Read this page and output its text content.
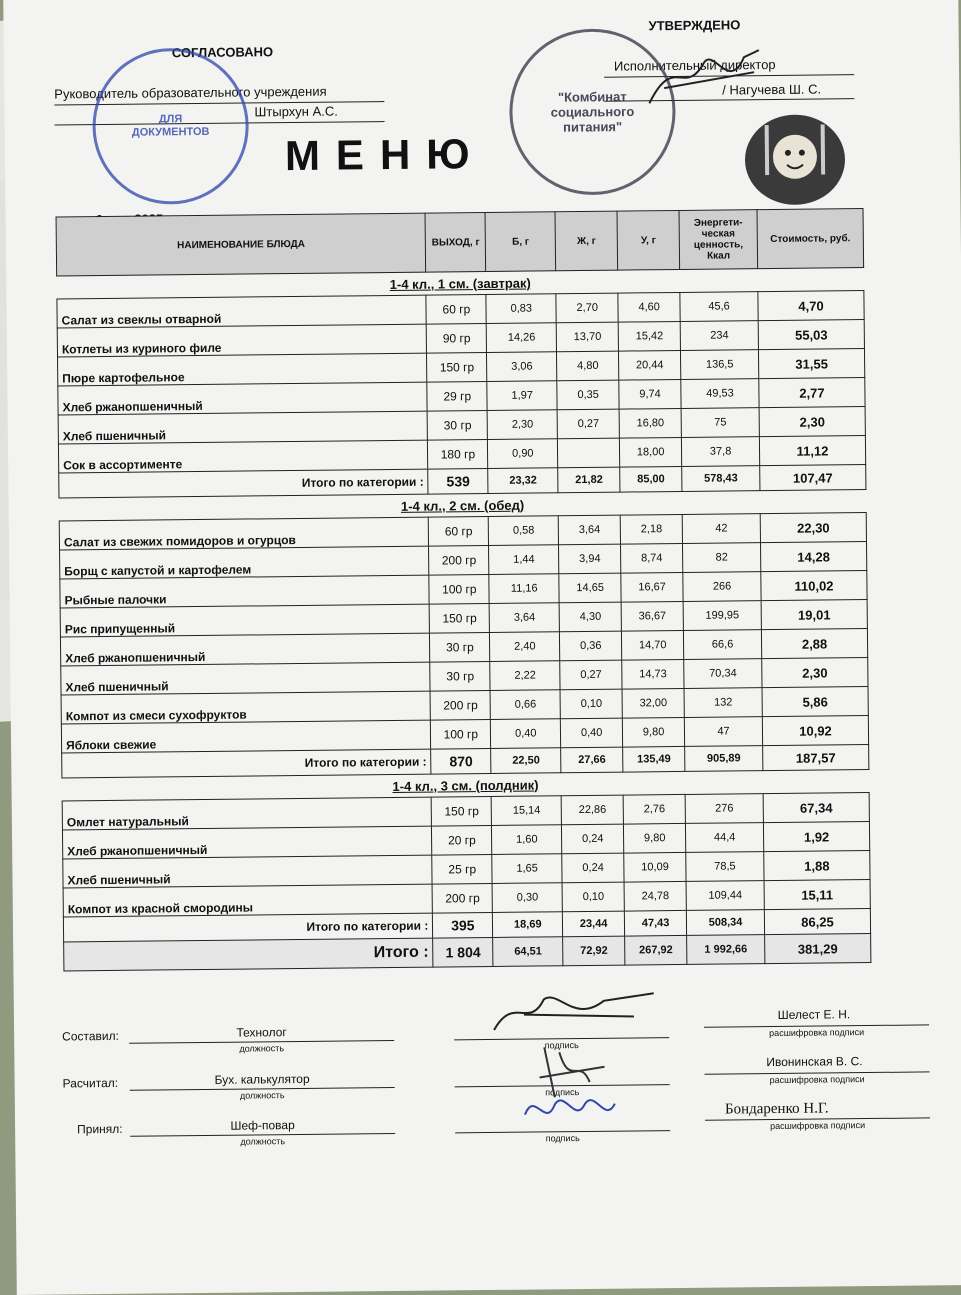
СОГЛАСОВАНО
Руководитель образовательного учреждения
Штырхун А.С.
ДЛЯ ДОКУМЕНТОВ
УТВЕРЖДЕНО
Исполнительный директор
/ Нагучева Ш. С.
"Комбинат социального питания"
МЕНЮ
НАИМЕНОВАНИЕ БЛЮДА	ВЫХОД, г	Б, г	Ж, г	У, г	Энергети-ческая ценность, Ккал	Стоимость, руб.
1-4 кл., 1 см. (завтрак)						
Салат из свеклы отварной	60 гр	0,83	2,70	4,60	45,6	4,70
Котлеты из куриного филе	90 гр	14,26	13,70	15,42	234	55,03
Пюре картофельное	150 гр	3,06	4,80	20,44	136,5	31,55
Хлеб ржанопшеничный	29 гр	1,97	0,35	9,74	49,53	2,77
Хлеб пшеничный	30 гр	2,30	0,27	16,80	75	2,30
Сок в ассортименте	180 гр	0,90		18,00	37,8	11,12
Итого по категории :	539	23,32	21,82	85,00	578,43	107,47
1-4 кл., 2 см. (обед)						
Салат из свежих помидоров и огурцов	60 гр	0,58	3,64	2,18	42	22,30
Борщ с капустой и картофелем	200 гр	1,44	3,94	8,74	82	14,28
Рыбные палочки	100 гр	11,16	14,65	16,67	266	110,02
Рис припущенный	150 гр	3,64	4,30	36,67	199,95	19,01
Хлеб ржанопшеничный	30 гр	2,40	0,36	14,70	66,6	2,88
Хлеб пшеничный	30 гр	2,22	0,27	14,73	70,34	2,30
Компот из смеси сухофруктов	200 гр	0,66	0,10	32,00	132	5,86
Яблоки свежие	100 гр	0,40	0,40	9,80	47	10,92
Итого по категории :	870	22,50	27,66	135,49	905,89	187,57
1-4 кл., 3 см. (полдник)						
Омлет натуральный	150 гр	15,14	22,86	2,76	276	67,34
Хлеб ржанопшеничный	20 гр	1,60	0,24	9,80	44,4	1,92
Хлеб пшеничный	25 гр	1,65	0,24	10,09	78,5	1,88
Компот из красной смородины	200 гр	0,30	0,10	24,78	109,44	15,11
Итого по категории :	395	18,69	23,44	47,43	508,34	86,25
Итого :	1 804	64,51	72,92	267,92	1 992,66	381,29
Составил:	Технолог
должность	подпись
Шелест Е. Н.
расшифровка подписи
Расчитал:	Бух. калькулятор
должность	подпись
Ивонинская В. С.
расшифровка подписи
Принял:	Шеф-повар
должность	подпись
Бондаренко Н.Г.
расшифровка подписи
